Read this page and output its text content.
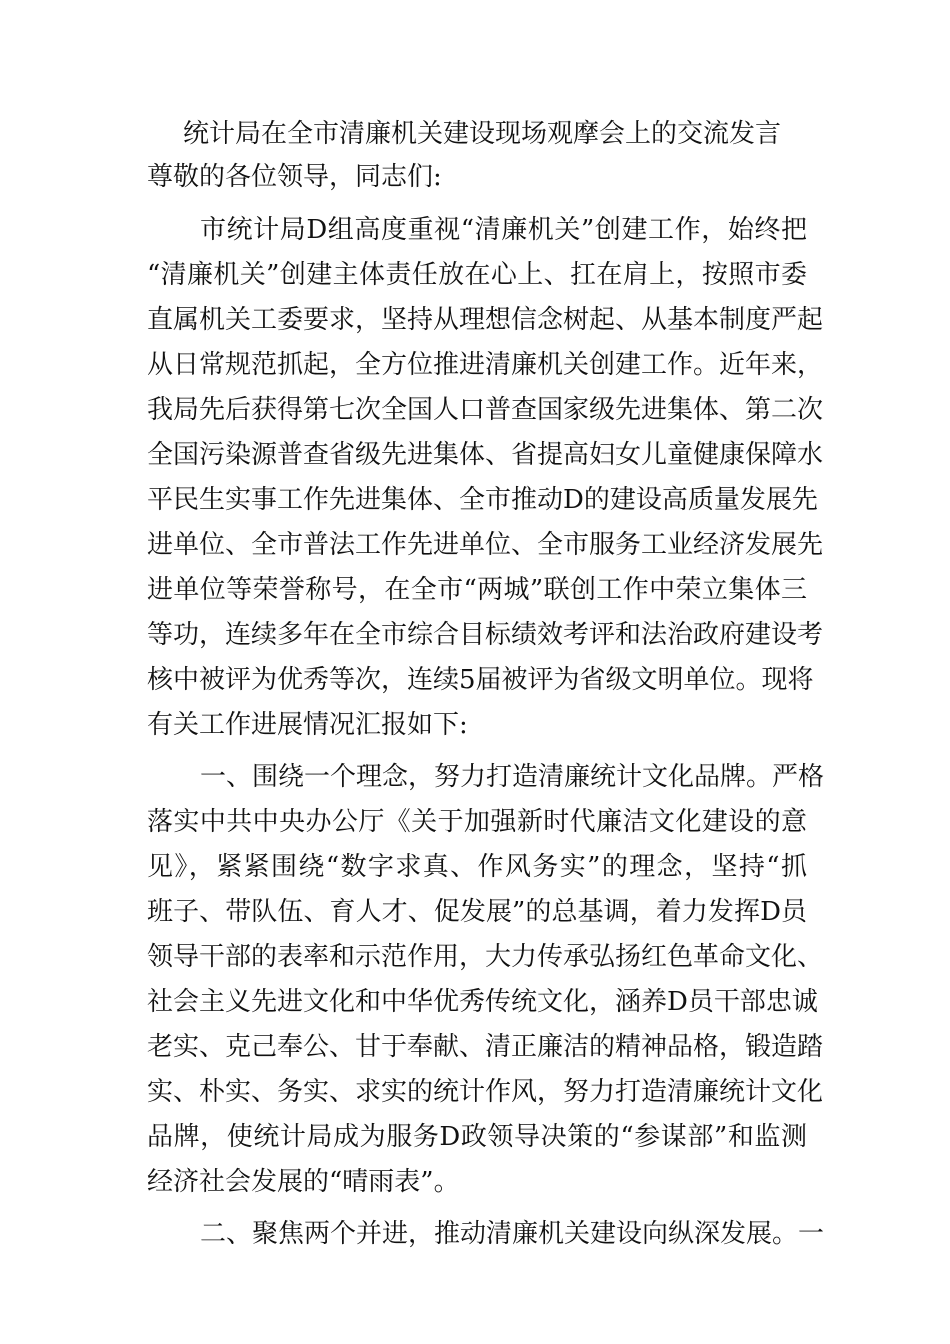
统计局在全市清廉机关建设现场观摩会上的交流发言
尊敬的各位领导，同志们:
市统计局D组高度重视“清廉机关”创建工作，始终把
“清廉机关”创建主体责任放在心上、扛在肩上，按照市委
直属机关工委要求，坚持从理想信念树起、从基本制度严起
从日常规范抓起，全方位推进清廉机关创建工作。近年来，
我局先后获得第七次全国人口普查国家级先进集体、第二次
全国污染源普查省级先进集体、省提高妇女儿童健康保障水
平民生实事工作先进集体、全市推动D的建设高质量发展先
进单位、全市普法工作先进单位、全市服务工业经济发展先
进单位等荣誉称号，在全市“两城”联创工作中荣立集体三
等功，连续多年在全市综合目标绩效考评和法治政府建设考
核中被评为优秀等次，连续5届被评为省级文明单位。现将
有关工作进展情况汇报如下:
一、围绕一个理念，努力打造清廉统计文化品牌。严格
落实中共中央办公厅《关于加强新时代廉洁文化建设的意
见》，紧紧围绕“数字求真、作风务实”的理念，坚持“抓
班子、带队伍、育人才、促发展”的总基调，着力发挥D员
领导干部的表率和示范作用，大力传承弘扬红色革命文化、
社会主义先进文化和中华优秀传统文化，涵养D员干部忠诚
老实、克己奉公、甘于奉献、清正廉洁的精神品格，锻造踏
实、朴实、务实、求实的统计作风，努力打造清廉统计文化
品牌，使统计局成为服务D政领导决策的“参谋部”和监测
经济社会发展的“晴雨表”。
二、聚焦两个并进，推动清廉机关建设向纵深发展。一
